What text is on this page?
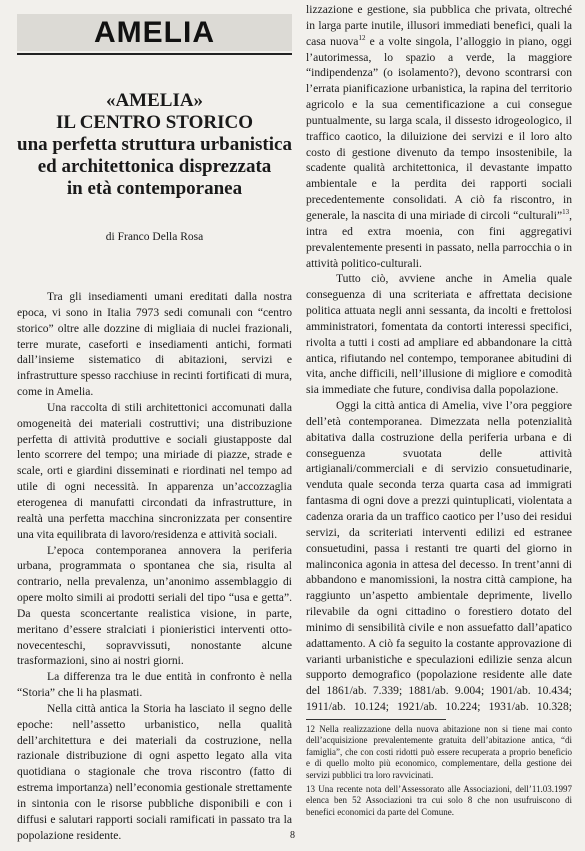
AMELIA
«AMELIA»
IL CENTRO STORICO
una perfetta struttura urbanistica
ed architettonica disprezzata
in età contemporanea
di Franco Della Rosa

Tra gli insediamenti umani ereditati dalla nostra epoca, vi sono in Italia 7973 sedi comunali con “centro storico” oltre alle dozzine di migliaia di nuclei frazionali, terre murate, caseforti e insediamenti antichi, formati dall’insieme sistematico di abitazioni, servizi e infrastrutture spesso racchiuse in recinti fortificati di mura, come in Amelia.

Una raccolta di stili architettonici accomunati dalla omogeneità dei materiali costruttivi; una distribuzione perfetta di attività produttive e sociali giustapposte dal lento scorrere del tempo; una miriade di piazze, strade e scale, orti e giardini disseminati e riordinati nel tempo ad utile di ogni necessità. In apparenza un’accozzaglia eterogenea di manufatti circondati da infrastrutture, in realtà una perfetta macchina sincronizzata per consentire una vita equilibrata di lavoro/residenza e attività sociali.

L’epoca contemporanea annovera la periferia urbana, programmata o spontanea che sia, risulta al contrario, nella prevalenza, un’anonimo assemblaggio di opere molto simili ai prodotti seriali del tipo “usa e getta”. Da questa sconcertante realistica visione, in parte, meritano d’essere stralciati i pionieristici interventi otto-novecenteschi, sopravvissuti, nonostante alcune trasformazioni, sino ai nostri giorni.

La differenza tra le due entità in confronto è nella “Storia” che li ha plasmati.

Nella città antica la Storia ha lasciato il segno delle epoche: nell’assetto urbanistico, nella qualità dell’architettura e dei materiali da costruzione, nella razionale distribuzione di ogni aspetto legato alla vita quotidiana o stagionale che trova riscontro (fatto di estrema importanza) nell’economia gestionale strettamente in sintonia con le risorse pubbliche disponibili e con i diffusi e salutari rapporti sociali ramificati in passato tra la popolazione residente.

lizzazione e gestione, sia pubblica che privata, oltreché in larga parte inutile, illusori immediati benefici, quali la casa nuova$^{12}$ e a volte singola, l’alloggio in piano, oggi l’autorimessa, lo spazio a verde, la maggiore “indipendenza” (o isolamento?), devono scontrarsi con l’errata pianificazione urbanistica, la rapina del territorio agricolo e la sua cementificazione a cui consegue puntualmente, su larga scala, il dissesto idrogeologico, il traffico caotico, la diluizione dei servizi e il loro alto costo di gestione divenuto da tempo insostenibile, la scadente qualità architettonica, il devastante impatto ambientale e la perdita dei rapporti sociali precedentemente consolidati. A ciò fa riscontro, in generale, la nascita di una miriade di circoli “culturali”$^{13}$, intra ed extra moenia, con fini aggregativi prevalentemente presenti in passato, nella parrocchia o in attività politico-culturali.

Tutto ciò, avviene anche in Amelia quale conseguenza di una scriteriata e affrettata decisione politica attuata negli anni sessanta, da incolti e frettolosi amministratori, fomentata da contorti interessi specifici, rivolta a tutti i costi ad ampliare ed abbandonare la città antica, rifiutando nel contempo, temporanee abitudini di vita, anche difficili, nell’illusione di migliore e comodità sia immediate che future, condivisa dalla popolazione.

Oggi la città antica di Amelia, vive l’ora peggiore dell’età contemporanea. Dimezzata nella potenzialità abitativa dalla costruzione della periferia urbana e di conseguenza svuotata delle attività artigianali/commerciali e di servizio consuetudinarie, venduta quale seconda terza quarta casa ad immigrati fantasma di ogni dove a prezzi quintuplicati, violentata a cadenza oraria da un traffico caotico per l’uso dei residui servizi, da scriteriati interventi edilizi ed estranee consuetudini, passa i restanti tre quarti del giorno in malinconica agonia in attesa del decesso. In trent’anni di abbandono e manomissioni, la nostra città campione, ha raggiunto un’aspetto ambientale deprimente, livello rilevabile da ogni cittadino o forestiero dotato del minimo di sensibilità civile e non assuefatto dall’apatico adattamento. A ciò fa seguito la costante approvazione di varianti urbanistiche e speculazioni edilizie senza alcun supporto demografico (popolazione residente alle date del 1861/ab. 7.339; 1881/ab. 9.004; 1901/ab. 10.434; 1911/ab. 10.124; 1921/ab. 10.224; 1931/ab. 10.328;

12 Nella realizzazione della nuova abitazione non si tiene mai conto dell’acquisizione prevalentemente gratuita dell’abitazione antica, “di famiglia”, che con costi ridotti può essere recuperata a proprio beneficio e di quello molto più economico, complementare, della gestione dei servizi pubblici tra loro ravvicinati.

13 Una recente nota dell’Assessorato alle Associazioni, dell’11.03.1997 elenca ben 52 Associazioni tra cui solo 8 che non usufruiscono di benefici economici da parte del Comune.

8
